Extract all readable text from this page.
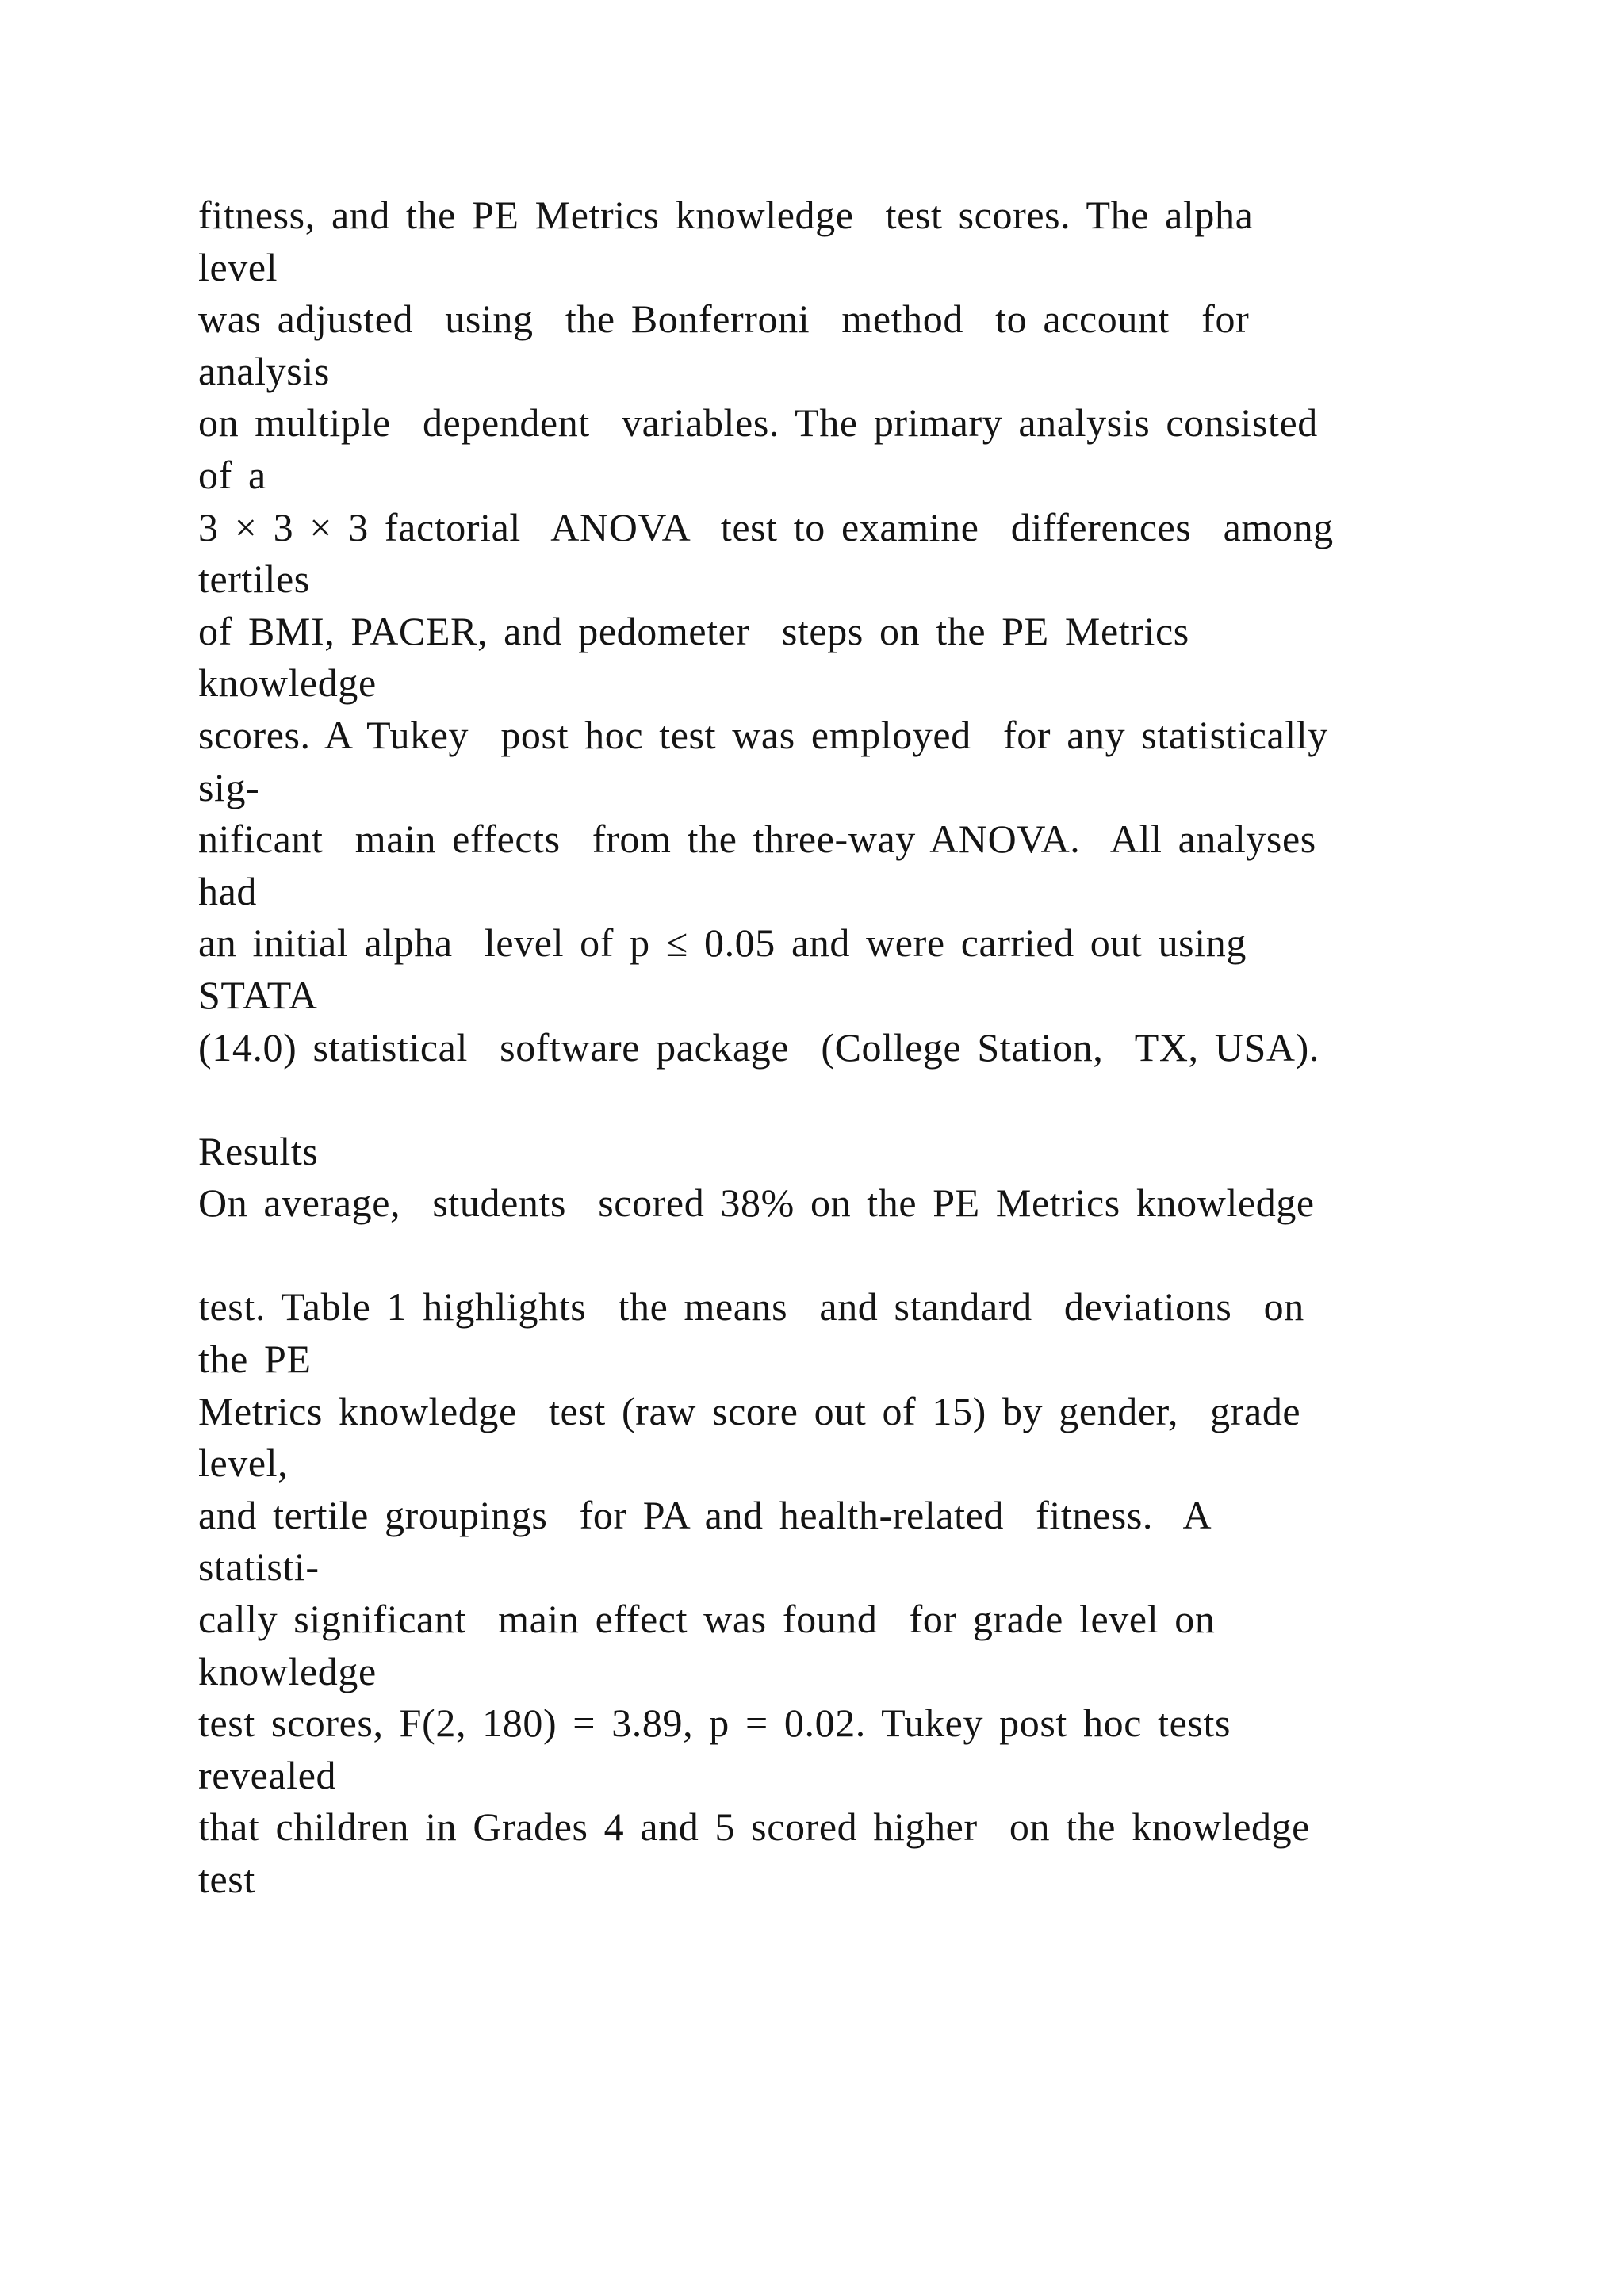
fitness, and the PE Metrics knowledge  test scores. The alpha
level
was adjusted  using  the Bonferroni  method  to account  for
analysis
on multiple  dependent  variables. The primary analysis consisted
of a
3 × 3 × 3 factorial  ANOVA  test to examine  differences  among
tertiles
of BMI, PACER, and pedometer  steps on the PE Metrics
knowledge
scores. A Tukey  post hoc test was employed  for any statistically
sig-
nificant  main effects  from the three-way ANOVA.  All analyses
had
an initial alpha  level of p ≤ 0.05 and were carried out using
STATA
(14.0) statistical  software package  (College Station,  TX, USA).
Results
On average,  students  scored 38% on the PE Metrics knowledge
test. Table 1 highlights  the means  and standard  deviations  on
the PE
Metrics knowledge  test (raw score out of 15) by gender,  grade
level,
and tertile groupings  for PA and health-related  fitness.  A
statisti-
cally significant  main effect was found  for grade level on
knowledge
test scores, F(2, 180) = 3.89, p = 0.02. Tukey post hoc tests
revealed
that children in Grades 4 and 5 scored higher  on the knowledge
test
